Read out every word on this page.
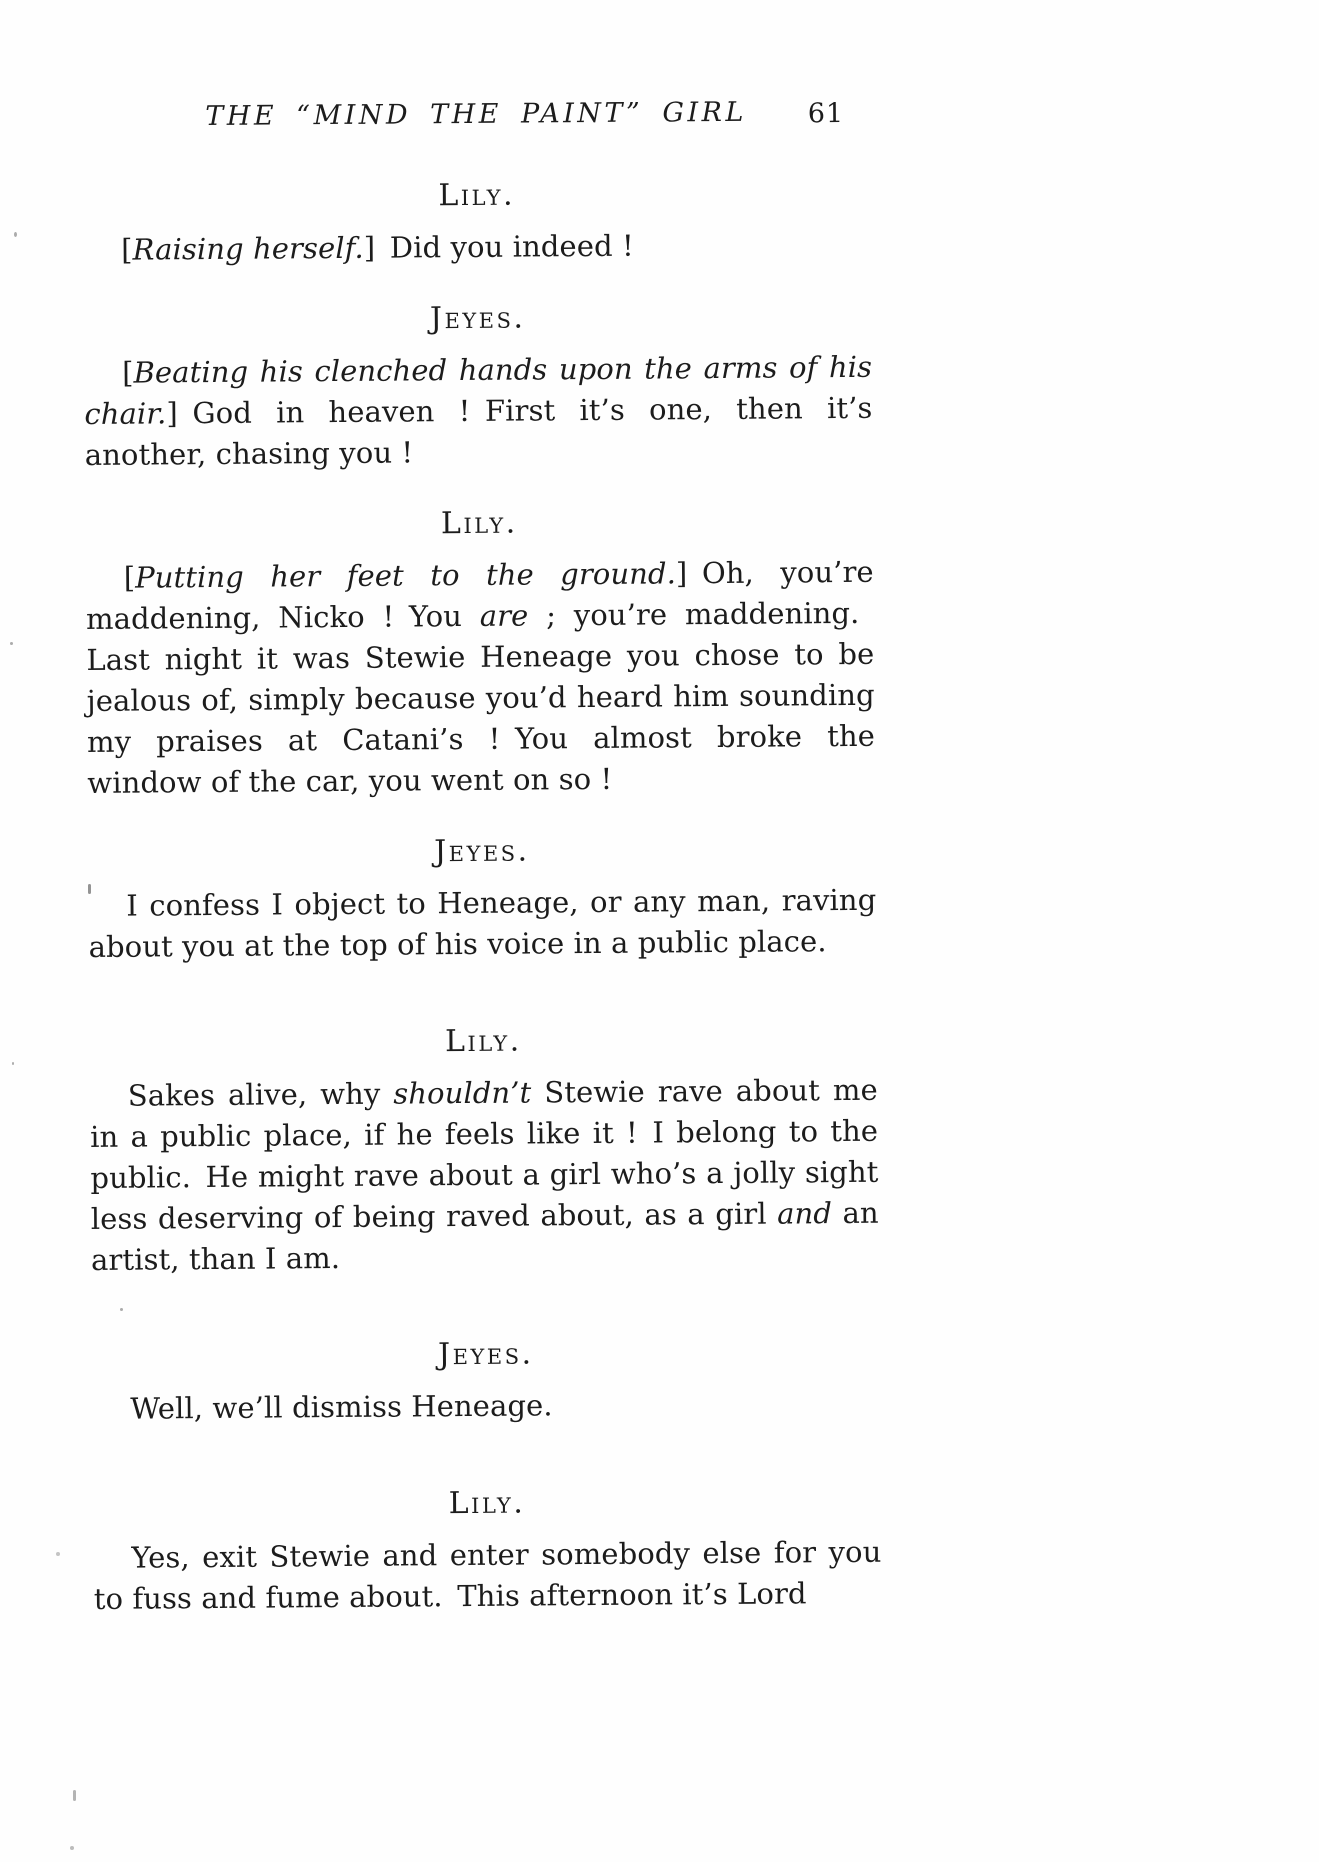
THE “MIND THE PAINT” GIRL 61
Lily.

[Raising herself.] Did you indeed !

Jeyes.

[Beating his clenched hands upon the arms of his chair.] God in heaven ! First it’s one, then it’s another, chasing you !

Lily.

[Putting her feet to the ground.] Oh, you’re maddening, Nicko ! You are ; you’re maddening. Last night it was Stewie Heneage you chose to be jealous of, simply because you’d heard him sounding my praises at Catani’s ! You almost broke the window of the car, you went on so !

Jeyes.

I confess I object to Heneage, or any man, raving about you at the top of his voice in a public place.

Lily.

Sakes alive, why shouldn’t Stewie rave about me in a public place, if he feels like it ! I belong to the public. He might rave about a girl who’s a jolly sight less deserving of being raved about, as a girl and an artist, than I am.

Jeyes.

Well, we’ll dismiss Heneage.

Lily.

Yes, exit Stewie and enter somebody else for you to fuss and fume about. This afternoon it’s Lord
